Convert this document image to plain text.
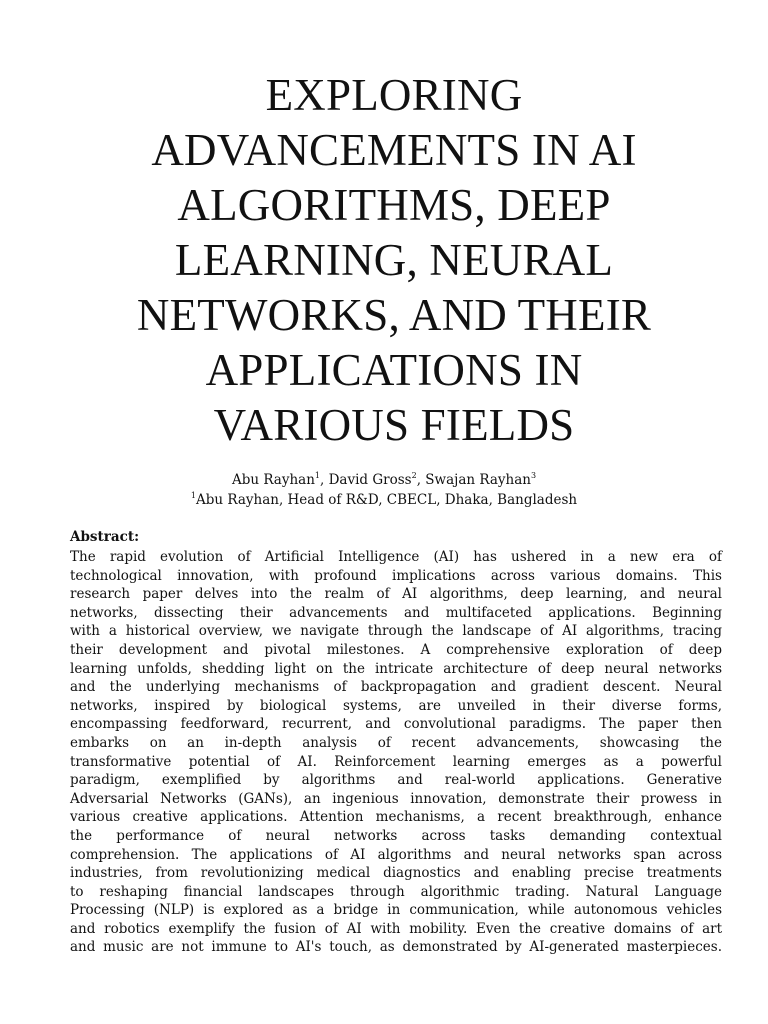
EXPLORING
ADVANCEMENTS IN AI
ALGORITHMS, DEEP
LEARNING, NEURAL
NETWORKS, AND THEIR
APPLICATIONS IN
VARIOUS FIELDS
Abu Rayhan$^1$, David Gross$^2$, Swajan Rayhan$^3$
$^1$Abu Rayhan, Head of R&D, CBECL, Dhaka, Bangladesh
Abstract:

The rapid evolution of Artificial Intelligence (AI) has ushered in a new era of
technological innovation, with profound implications across various domains. This
research paper delves into the realm of AI algorithms, deep learning, and neural
networks, dissecting their advancements and multifaceted applications. Beginning
with a historical overview, we navigate through the landscape of AI algorithms, tracing
their development and pivotal milestones. A comprehensive exploration of deep
learning unfolds, shedding light on the intricate architecture of deep neural networks
and the underlying mechanisms of backpropagation and gradient descent. Neural
networks, inspired by biological systems, are unveiled in their diverse forms,
encompassing feedforward, recurrent, and convolutional paradigms. The paper then
embarks on an in-depth analysis of recent advancements, showcasing the
transformative potential of AI. Reinforcement learning emerges as a powerful
paradigm, exemplified by algorithms and real-world applications. Generative
Adversarial Networks (GANs), an ingenious innovation, demonstrate their prowess in
various creative applications. Attention mechanisms, a recent breakthrough, enhance
the performance of neural networks across tasks demanding contextual
comprehension. The applications of AI algorithms and neural networks span across
industries, from revolutionizing medical diagnostics and enabling precise treatments
to reshaping financial landscapes through algorithmic trading. Natural Language
Processing (NLP) is explored as a bridge in communication, while autonomous vehicles
and robotics exemplify the fusion of AI with mobility. Even the creative domains of art
and music are not immune to AI's touch, as demonstrated by AI-generated masterpieces.
